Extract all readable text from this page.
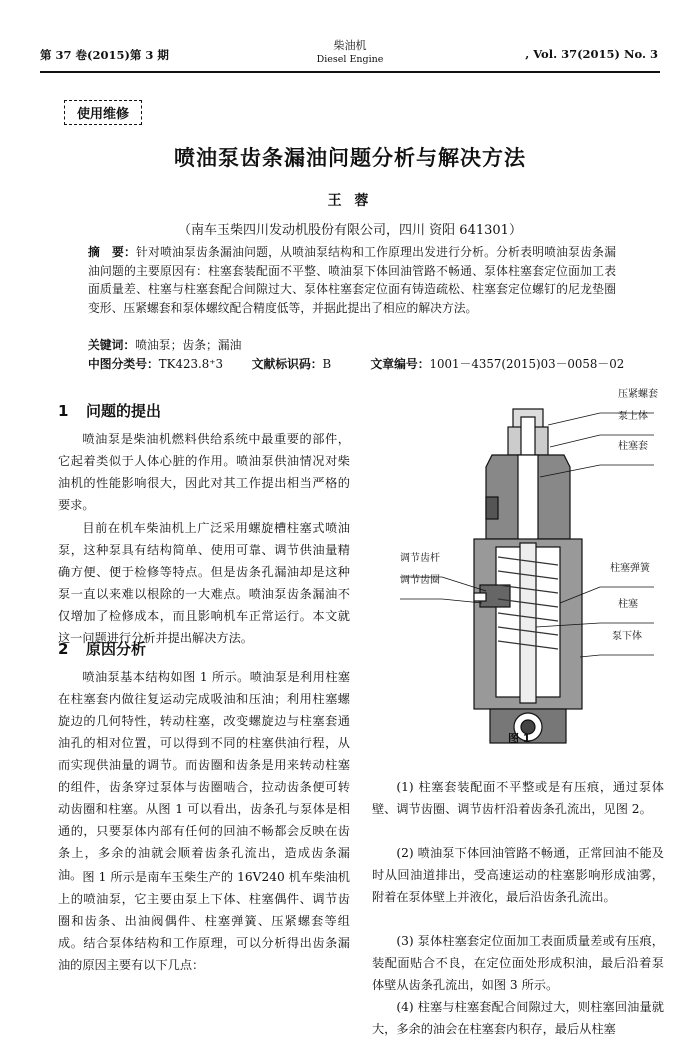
第 37 卷(2015)第 3 期
柴油机
Diesel Engine	, Vol. 37(2015) No. 3
使用维修
喷油泵齿条漏油问题分析与解决方法
王 蓉
（南车玉柴四川发动机股份有限公司，四川 资阳 641301）
摘　要：针对喷油泵齿条漏油问题，从喷油泵结构和工作原理出发进行分析。分析表明喷油泵齿条漏油问题的主要原因有：柱塞套装配面不平整、喷油泵下体回油管路不畅通、泵体柱塞套定位面加工表面质量差、柱塞与柱塞套配合间隙过大、泵体柱塞套定位面有铸造疏松、柱塞套定位螺钉的尼龙垫圈变形、压紧螺套和泵体螺纹配合精度低等，并据此提出了相应的解决方法。
关键词：喷油泵；齿条；漏油
中图分类号：TK423.8⁺3 文献标识码：B	文章编号：1001－4357(2015)03－0058－02
1 问题的提出

喷油泵是柴油机燃料供给系统中最重要的部件，它起着类似于人体心脏的作用。喷油泵供油情况对柴油机的性能影响很大，因此对其工作提出相当严格的要求。

目前在机车柴油机上广泛采用螺旋槽柱塞式喷油泵，这种泵具有结构简单、使用可靠、调节供油量精确方便、便于检修等特点。但是齿条孔漏油却是这种泵一直以来难以根除的一大难点。喷油泵齿条漏油不仅增加了检修成本，而且影响机车正常运行。本文就这一问题进行分析并提出解决方法。

2 原因分析

喷油泵基本结构如图 1 所示。喷油泵是利用柱塞在柱塞套内做往复运动完成吸油和压油；利用柱塞螺旋边的几何特性，转动柱塞，改变螺旋边与柱塞套通油孔的相对位置，可以得到不同的柱塞供油行程，从而实现供油量的调节。而齿圈和齿条是用来转动柱塞的组件，齿条穿过泵体与齿圈啮合，拉动齿条便可转动齿圈和柱塞。从图 1 可以看出，齿条孔与泵体是相通的，只要泵体内部有任何的回油不畅都会反映在齿条上，多余的油就会顺着齿条孔流出，造成齿条漏油。 图 1 所示是南车玉柴生产的 16V240 机车柴油机上的喷油泵，它主要由泵上下体、柱塞偶件、调节齿圈和齿条、出油阀偶件、柱塞弹簧、压紧螺套等组成。结合泵体结构和工作原理，可以分析得出齿条漏油的原因主要有以下几点：

(1) 柱塞套装配面不平整或是有压痕，通过泵体壁、调节齿圈、调节齿杆沿着齿条孔流出，见图 2。

(2) 喷油泵下体回油管路不畅通，正常回油不能及时从回油道排出，受高速运动的柱塞影响形成油雾，附着在泵体壁上并液化，最后沿齿条孔流出。

(3) 泵体柱塞套定位面加工表面质量差或有压痕，装配面贴合不良，在定位面处形成积油，最后沿着泵体壁从齿条孔流出，如图 3 所示。

(4) 柱塞与柱塞套配合间隙过大，则柱塞回油量就大，多余的油会在柱塞套内积存，最后从柱塞

压紧螺套
泵上体
柱塞套
调节齿杆
调节齿圈
柱塞弹簧
柱塞
泵下体
图 1
